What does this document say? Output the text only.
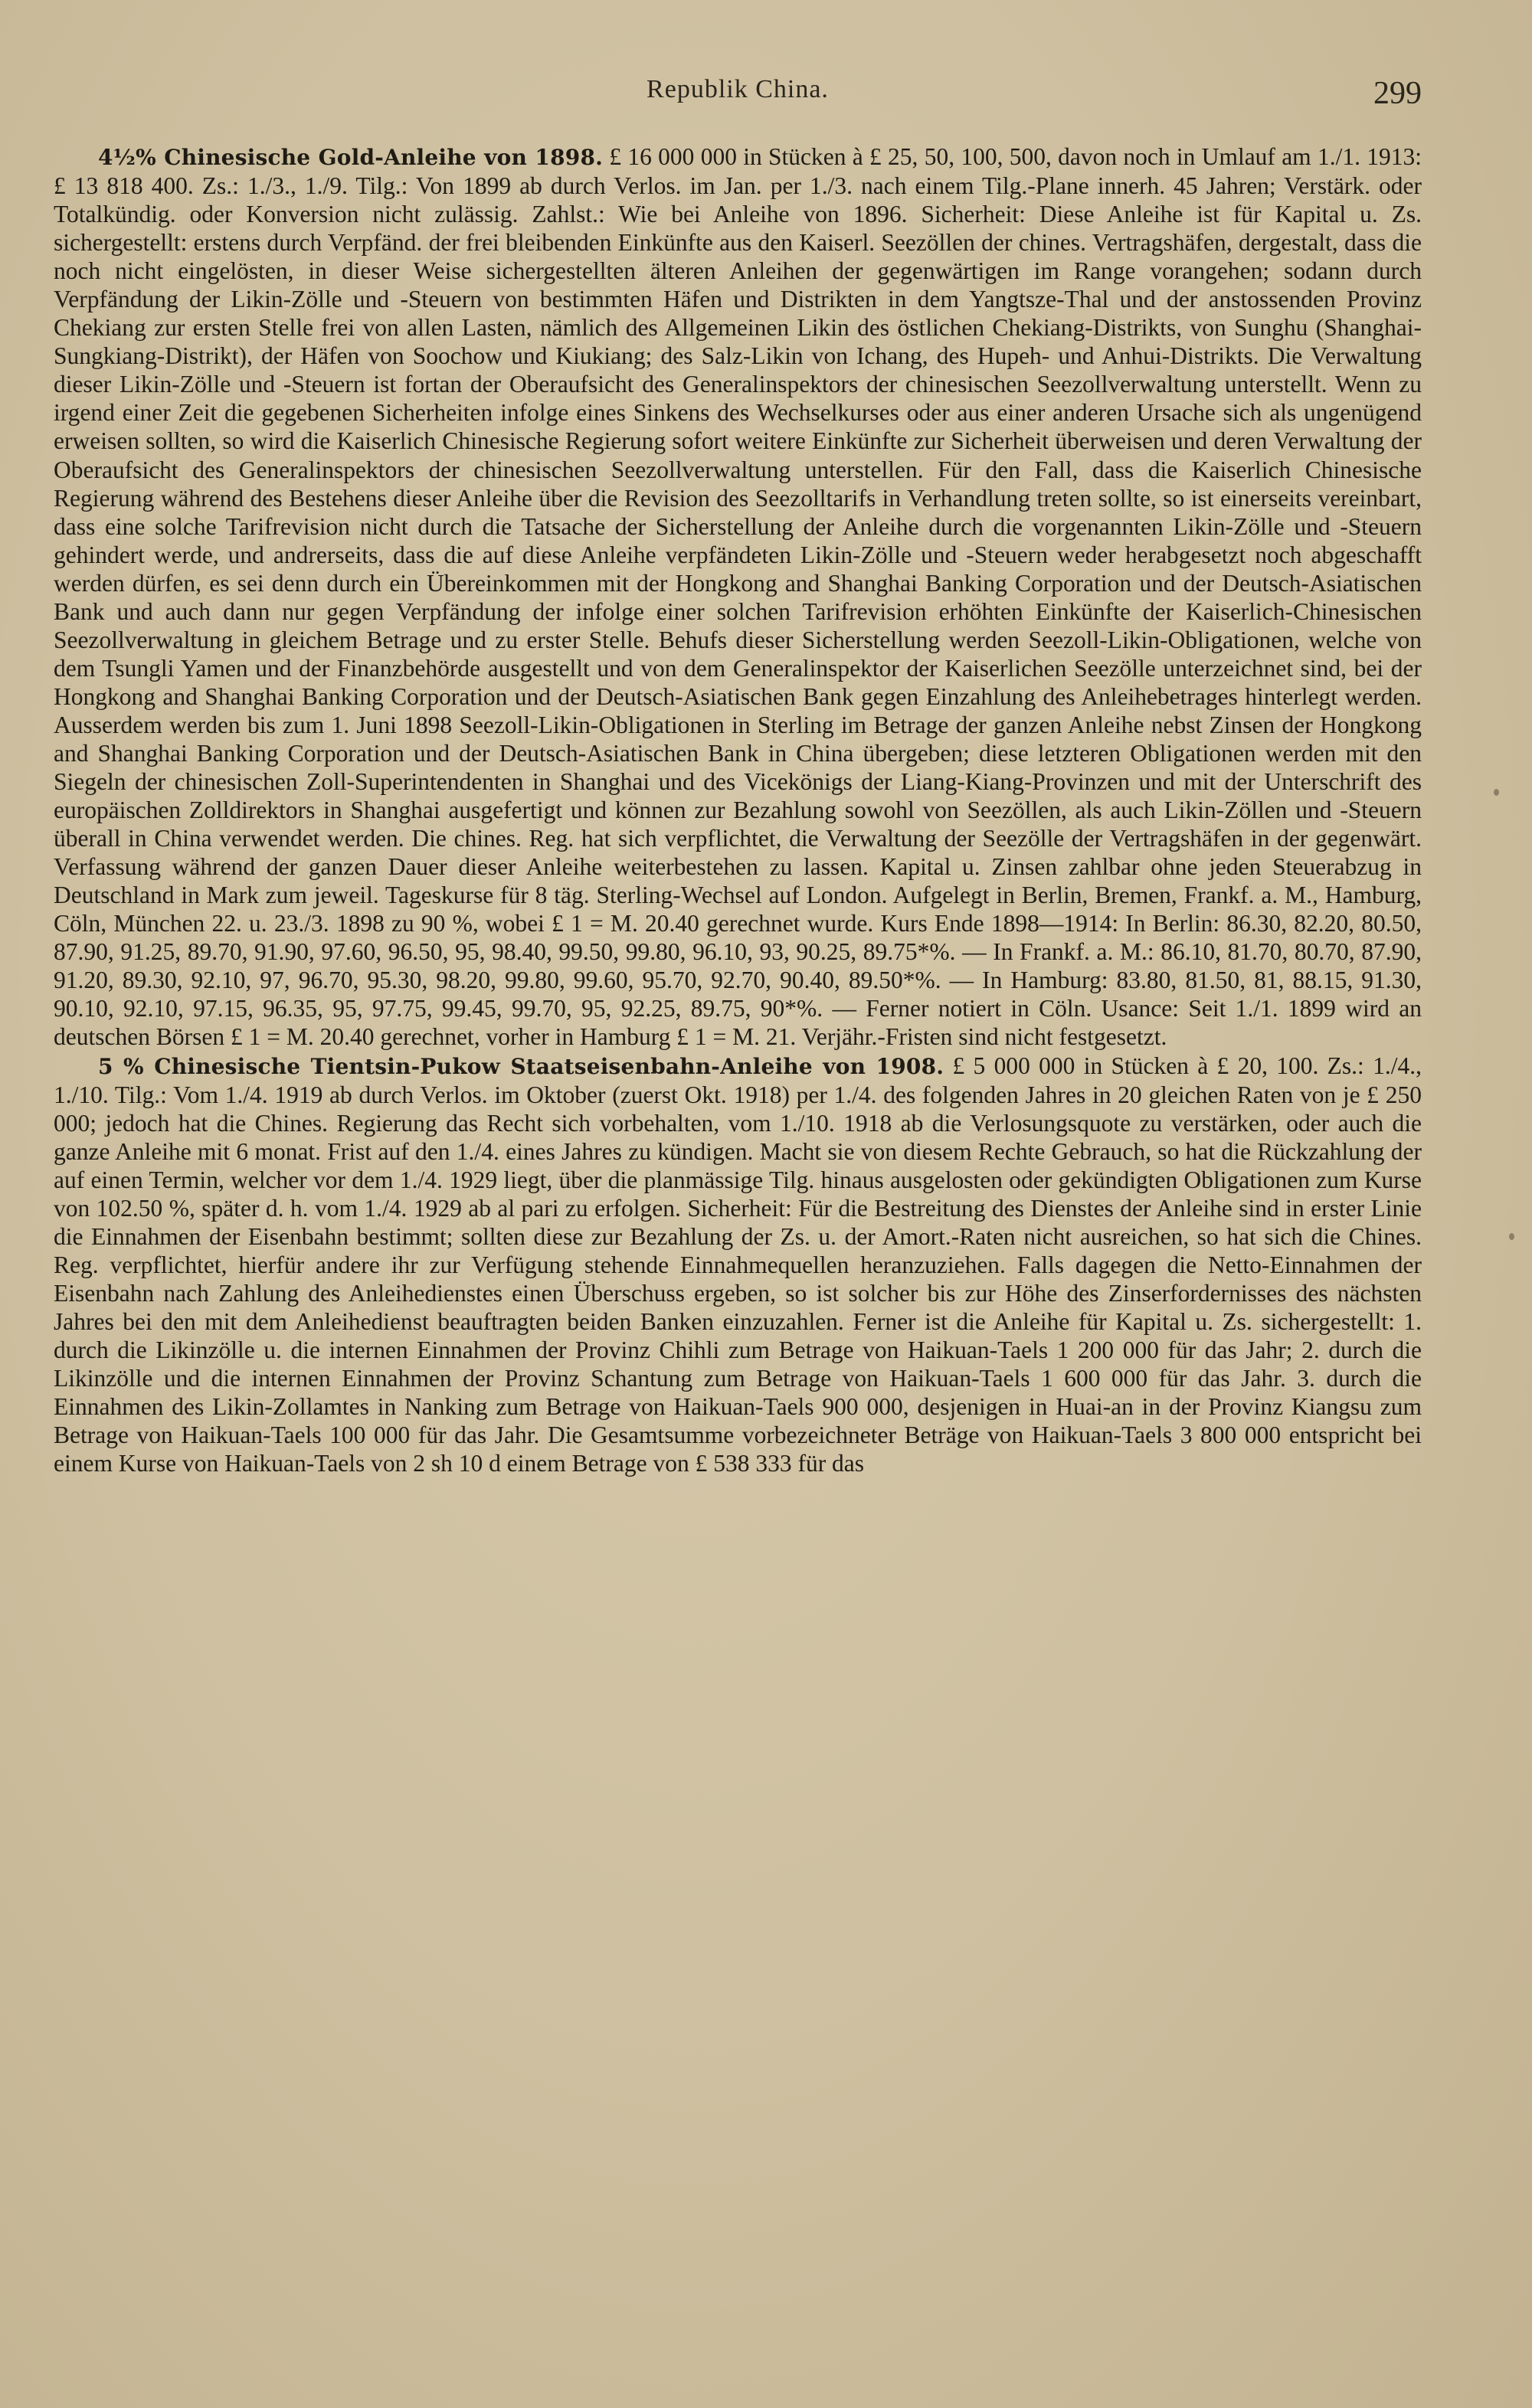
Republik China.	299

4½% Chinesische Gold-Anleihe von 1898. £ 16 000 000 in Stücken à £ 25, 50, 100, 500, davon noch in Umlauf am 1./1. 1913: £ 13 818 400. Zs.: 1./3., 1./9. Tilg.: Von 1899 ab durch Verlos. im Jan. per 1./3. nach einem Tilg.-Plane innerh. 45 Jahren; Verstärk. oder Totalkündig. oder Konversion nicht zulässig. Zahlst.: Wie bei Anleihe von 1896. Sicherheit: Diese Anleihe ist für Kapital u. Zs. sichergestellt: erstens durch Verpfänd. der frei bleibenden Einkünfte aus den Kaiserl. Seezöllen der chines. Vertragshäfen, dergestalt, dass die noch nicht eingelösten, in dieser Weise sichergestellten älteren Anleihen der gegenwärtigen im Range vorangehen; sodann durch Verpfändung der Likin-Zölle und -Steuern von bestimmten Häfen und Distrikten in dem Yangtsze-Thal und der anstossenden Provinz Chekiang zur ersten Stelle frei von allen Lasten, nämlich des Allgemeinen Likin des östlichen Chekiang-Distrikts, von Sunghu (Shanghai-Sungkiang-Distrikt), der Häfen von Soochow und Kiukiang; des Salz-Likin von Ichang, des Hupeh- und Anhui-Distrikts. Die Verwaltung dieser Likin-Zölle und -Steuern ist fortan der Oberaufsicht des Generalinspektors der chinesischen Seezollverwaltung unterstellt. Wenn zu irgend einer Zeit die gegebenen Sicherheiten infolge eines Sinkens des Wechselkurses oder aus einer anderen Ursache sich als ungenügend erweisen sollten, so wird die Kaiserlich Chinesische Regierung sofort weitere Einkünfte zur Sicherheit überweisen und deren Verwaltung der Oberaufsicht des Generalinspektors der chinesischen Seezollverwaltung unterstellen. Für den Fall, dass die Kaiserlich Chinesische Regierung während des Bestehens dieser Anleihe über die Revision des Seezolltarifs in Verhandlung treten sollte, so ist einerseits vereinbart, dass eine solche Tarifrevision nicht durch die Tatsache der Sicherstellung der Anleihe durch die vorgenannten Likin-Zölle und -Steuern gehindert werde, und andrerseits, dass die auf diese Anleihe verpfändeten Likin-Zölle und -Steuern weder herabgesetzt noch abgeschafft werden dürfen, es sei denn durch ein Übereinkommen mit der Hongkong and Shanghai Banking Corporation und der Deutsch-Asiatischen Bank und auch dann nur gegen Verpfändung der infolge einer solchen Tarifrevision erhöhten Einkünfte der Kaiserlich-Chinesischen Seezollverwaltung in gleichem Betrage und zu erster Stelle. Behufs dieser Sicherstellung werden Seezoll-Likin-Obligationen, welche von dem Tsungli Yamen und der Finanzbehörde ausgestellt und von dem Generalinspektor der Kaiserlichen Seezölle unterzeichnet sind, bei der Hongkong and Shanghai Banking Corporation und der Deutsch-Asiatischen Bank gegen Einzahlung des Anleihebetrages hinterlegt werden. Ausserdem werden bis zum 1. Juni 1898 Seezoll-Likin-Obligationen in Sterling im Betrage der ganzen Anleihe nebst Zinsen der Hongkong and Shanghai Banking Corporation und der Deutsch-Asiatischen Bank in China übergeben; diese letzteren Obligationen werden mit den Siegeln der chinesischen Zoll-Superintendenten in Shanghai und des Vicekönigs der Liang-Kiang-Provinzen und mit der Unterschrift des europäischen Zolldirektors in Shanghai ausgefertigt und können zur Bezahlung sowohl von Seezöllen, als auch Likin-Zöllen und -Steuern überall in China verwendet werden. Die chines. Reg. hat sich verpflichtet, die Verwaltung der Seezölle der Vertragshäfen in der gegenwärt. Verfassung während der ganzen Dauer dieser Anleihe weiterbestehen zu lassen. Kapital u. Zinsen zahlbar ohne jeden Steuerabzug in Deutschland in Mark zum jeweil. Tageskurse für 8 täg. Sterling-Wechsel auf London. Aufgelegt in Berlin, Bremen, Frankf. a. M., Hamburg, Cöln, München 22. u. 23./3. 1898 zu 90 %, wobei £ 1 = M. 20.40 gerechnet wurde. Kurs Ende 1898—1914: In Berlin: 86.30, 82.20, 80.50, 87.90, 91.25, 89.70, 91.90, 97.60, 96.50, 95, 98.40, 99.50, 99.80, 96.10, 93, 90.25, 89.75*%. — In Frankf. a. M.: 86.10, 81.70, 80.70, 87.90, 91.20, 89.30, 92.10, 97, 96.70, 95.30, 98.20, 99.80, 99.60, 95.70, 92.70, 90.40, 89.50*%. — In Hamburg: 83.80, 81.50, 81, 88.15, 91.30, 90.10, 92.10, 97.15, 96.35, 95, 97.75, 99.45, 99.70, 95, 92.25, 89.75, 90*%. — Ferner notiert in Cöln. Usance: Seit 1./1. 1899 wird an deutschen Börsen £ 1 = M. 20.40 gerechnet, vorher in Hamburg £ 1 = M. 21. Verjähr.-Fristen sind nicht festgesetzt.

5 % Chinesische Tientsin-Pukow Staatseisenbahn-Anleihe von 1908. £ 5 000 000 in Stücken à £ 20, 100. Zs.: 1./4., 1./10. Tilg.: Vom 1./4. 1919 ab durch Verlos. im Oktober (zuerst Okt. 1918) per 1./4. des folgenden Jahres in 20 gleichen Raten von je £ 250 000; jedoch hat die Chines. Regierung das Recht sich vorbehalten, vom 1./10. 1918 ab die Verlosungsquote zu verstärken, oder auch die ganze Anleihe mit 6 monat. Frist auf den 1./4. eines Jahres zu kündigen. Macht sie von diesem Rechte Gebrauch, so hat die Rückzahlung der auf einen Termin, welcher vor dem 1./4. 1929 liegt, über die planmässige Tilg. hinaus ausgelosten oder gekündigten Obligationen zum Kurse von 102.50 %, später d. h. vom 1./4. 1929 ab al pari zu erfolgen. Sicherheit: Für die Bestreitung des Dienstes der Anleihe sind in erster Linie die Einnahmen der Eisenbahn bestimmt; sollten diese zur Bezahlung der Zs. u. der Amort.-Raten nicht ausreichen, so hat sich die Chines. Reg. verpflichtet, hierfür andere ihr zur Verfügung stehende Einnahmequellen heranzuziehen. Falls dagegen die Netto-Einnahmen der Eisenbahn nach Zahlung des Anleihedienstes einen Überschuss ergeben, so ist solcher bis zur Höhe des Zinserfordernisses des nächsten Jahres bei den mit dem Anleihedienst beauftragten beiden Banken einzuzahlen. Ferner ist die Anleihe für Kapital u. Zs. sichergestellt: 1. durch die Likinzölle u. die internen Einnahmen der Provinz Chihli zum Betrage von Haikuan-Taels 1 200 000 für das Jahr; 2. durch die Likinzölle und die internen Einnahmen der Provinz Schantung zum Betrage von Haikuan-Taels 1 600 000 für das Jahr. 3. durch die Einnahmen des Likin-Zollamtes in Nanking zum Betrage von Haikuan-Taels 900 000, desjenigen in Huai-an in der Provinz Kiangsu zum Betrage von Haikuan-Taels 100 000 für das Jahr. Die Gesamtsumme vorbezeichneter Beträge von Haikuan-Taels 3 800 000 entspricht bei einem Kurse von Haikuan-Taels von 2 sh 10 d einem Betrage von £ 538 333 für das
